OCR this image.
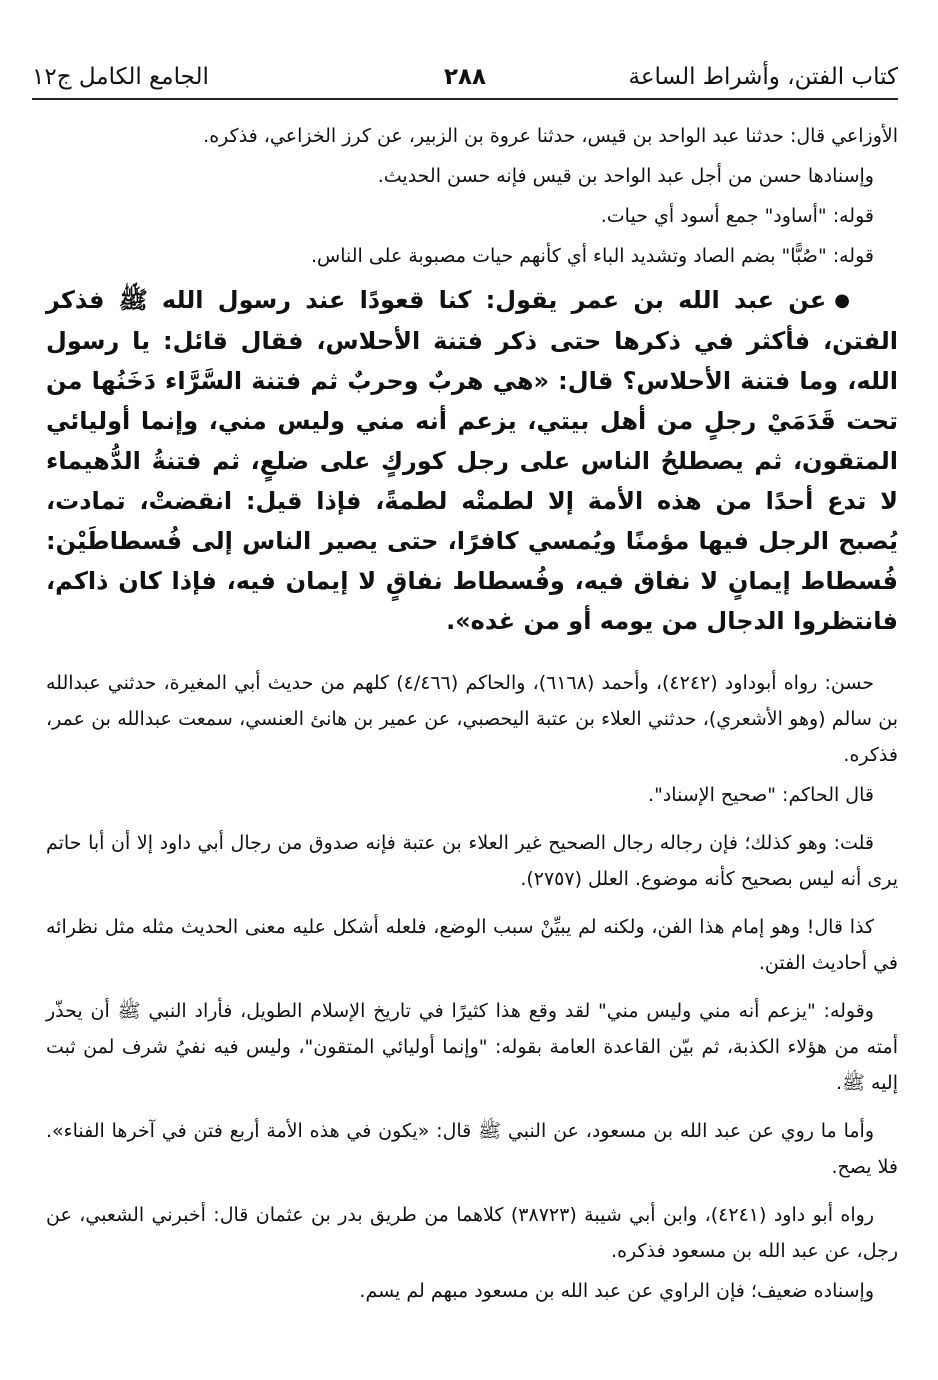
كتاب الفتن، وأشراط الساعة
٢٨٨
الجامع الكامل ج١٢

الأوزاعي قال: حدثنا عبد الواحد بن قيس، حدثنا عروة بن الزبير، عن كرز الخزاعي، فذكره.

وإسنادها حسن من أجل عبد الواحد بن قيس فإنه حسن الحديث.

قوله: "أساود" جمع أسود أي حيات.

قوله: "صُبًّا" بضم الصاد وتشديد الباء أي كأنهم حيات مصبوبة على الناس.

●عن عبد الله بن عمر يقول: كنا قعودًا عند رسول الله ﷺ فذكر الفتن، فأكثر في ذكرها حتى ذكر فتنة الأحلاس، فقال قائل: يا رسول الله، وما فتنة الأحلاس؟ قال: «هي هربٌ وحربٌ ثم فتنة السَّرَّاء دَخَنُها من تحت قَدَمَيْ رجلٍ من أهل بيتي، يزعم أنه مني وليس مني، وإنما أوليائي المتقون، ثم يصطلحُ الناس على رجل كوركٍ على ضلعٍ، ثم فتنةُ الدُّهيماء لا تدع أحدًا من هذه الأمة إلا لطمتْه لطمةً، فإذا قيل: انقضتْ، تمادت، يُصبح الرجل فيها مؤمنًا ويُمسي كافرًا، حتى يصير الناس إلى فُسطاطَيْن: فُسطاط إيمانٍ لا نفاق فيه، وفُسطاط نفاقٍ لا إيمان فيه، فإذا كان ذاكم، فانتظروا الدجال من يومه أو من غده».

حسن: رواه أبوداود (٤٢٤٢)، وأحمد (٦١٦٨)، والحاكم (٤/٤٦٦) كلهم من حديث أبي المغيرة، حدثني عبدالله بن سالم (وهو الأشعري)، حدثني العلاء بن عتبة اليحصبي، عن عمير بن هانئ العنسي، سمعت عبدالله بن عمر، فذكره.

قال الحاكم: "صحيح الإسناد".

قلت: وهو كذلك؛ فإن رجاله رجال الصحيح غير العلاء بن عتبة فإنه صدوق من رجال أبي داود إلا أن أبا حاتم يرى أنه ليس بصحيح كأنه موضوع. العلل (٢٧٥٧).

كذا قال! وهو إمام هذا الفن، ولكنه لم يبيِّنْ سبب الوضع، فلعله أشكل عليه معنى الحديث مثله مثل نظرائه في أحاديث الفتن.

وقوله: "يزعم أنه مني وليس مني" لقد وقع هذا كثيرًا في تاريخ الإسلام الطويل، فأراد النبي ﷺ أن يحذّر أمته من هؤلاء الكذبة، ثم بيّن القاعدة العامة بقوله: "وإنما أوليائي المتقون"، وليس فيه نفيُ شرف لمن ثبت إليه ﷺ.

وأما ما روي عن عبد الله بن مسعود، عن النبي ﷺ قال: «يكون في هذه الأمة أربع فتن في آخرها الفناء». فلا يصح.

رواه أبو داود (٤٢٤١)، وابن أبي شيبة (٣٨٧٢٣) كلاهما من طريق بدر بن عثمان قال: أخبرني الشعبي، عن رجل، عن عبد الله بن مسعود فذكره.

وإسناده ضعيف؛ فإن الراوي عن عبد الله بن مسعود مبهم لم يسم.
